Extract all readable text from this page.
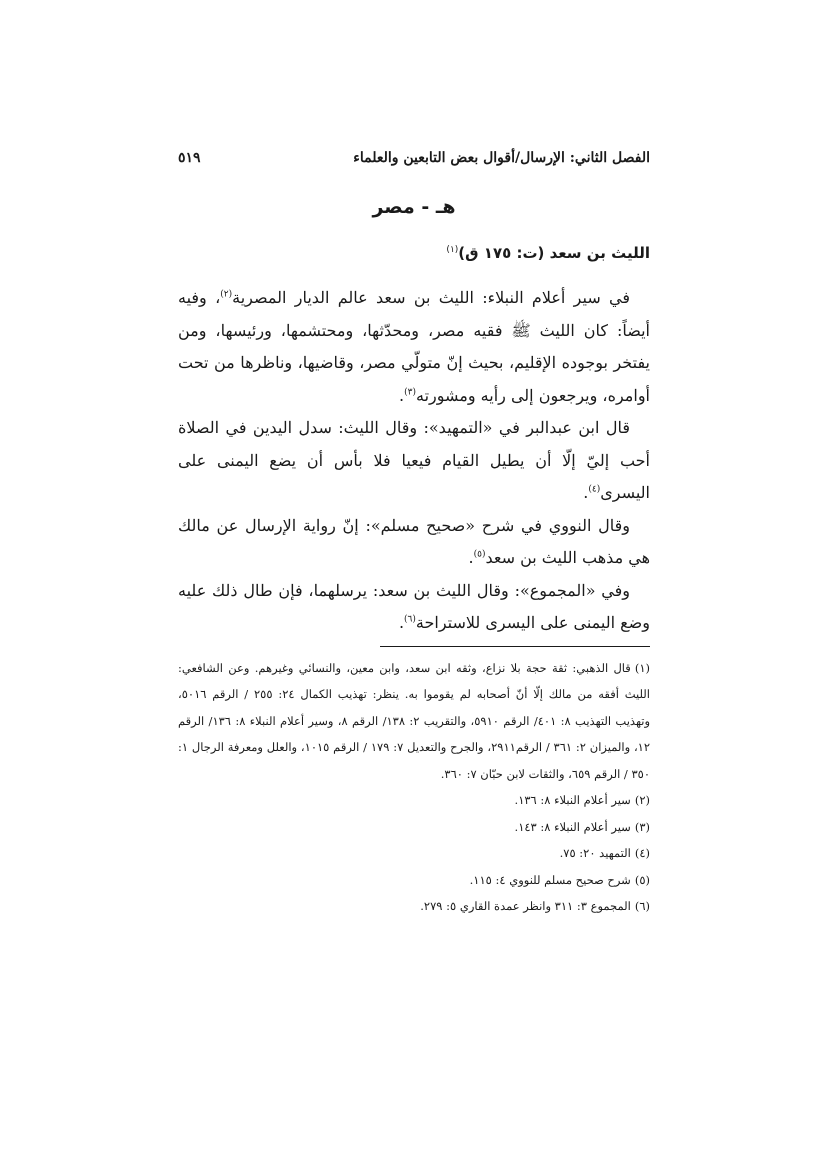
الفصل الثاني: الإرسال/أقوال بعض التابعين والعلماء
٥١٩
هـ - مصر
الليث بن سعد (ت: ١٧٥ ق)$^{(١)}$

في سير أعلام النبلاء: الليث بن سعد عالم الديار المصرية$^{(٢)}$، وفيه أيضاً: كان الليث ﷺ فقيه مصر، ومحدّثها، ومحتشمها، ورئيسها، ومن يفتخر بوجوده الإقليم، بحيث إنّ متولّي مصر، وقاضيها، وناظرها من تحت أوامره، ويرجعون إلى رأيه ومشورته$^{(٣)}$.

قال ابن عبدالبر في «التمهيد»: وقال الليث: سدل اليدين في الصلاة أحب إليّ إلّا أن يطيل القيام فيعيا فلا بأس أن يضع اليمنى على اليسرى$^{(٤)}$.

وقال النووي في شرح «صحيح مسلم»: إنّ رواية الإرسال عن مالك هي مذهب الليث بن سعد$^{(٥)}$.

وفي «المجموع»: وقال الليث بن سعد: يرسلهما، فإن طال ذلك عليه وضع اليمنى على اليسرى للاستراحة$^{(٦)}$.

(١)قال الذهبي: ثقة حجة بلا نزاع، وثقه ابن سعد، وابن معين، والنسائي وغيرهم. وعن الشافعي: الليث أفقه من مالك إلّا أنّ أصحابه لم يقوموا به. ينظر: تهذيب الكمال ٢٤: ٢٥٥ / الرقم ٥٠١٦، وتهذيب التهذيب ٨: ٤٠١/ الرقم ٥٩١٠، والتقريب ٢: ١٣٨/ الرقم ٨، وسير أعلام النبلاء ٨: ١٣٦/ الرقم ١٢، والميزان ٢: ٣٦١ / الرقم٢٩١١، والجرح والتعديل ٧: ١٧٩ / الرقم ١٠١٥، والعلل ومعرفة الرجال ١: ٣٥٠ / الرقم ٦٥٩، والثقات لابن حبّان ٧: ٣٦٠.

(٢)سير أعلام النبلاء ٨: ١٣٦.

(٣)سير أعلام النبلاء ٨: ١٤٣.

(٤)التمهيد ٢٠: ٧٥.

(٥)شرح صحيح مسلم للنووي ٤: ١١٥.

(٦)المجموع ٣: ٣١١ وانظر عمدة القاري ٥: ٢٧٩.
